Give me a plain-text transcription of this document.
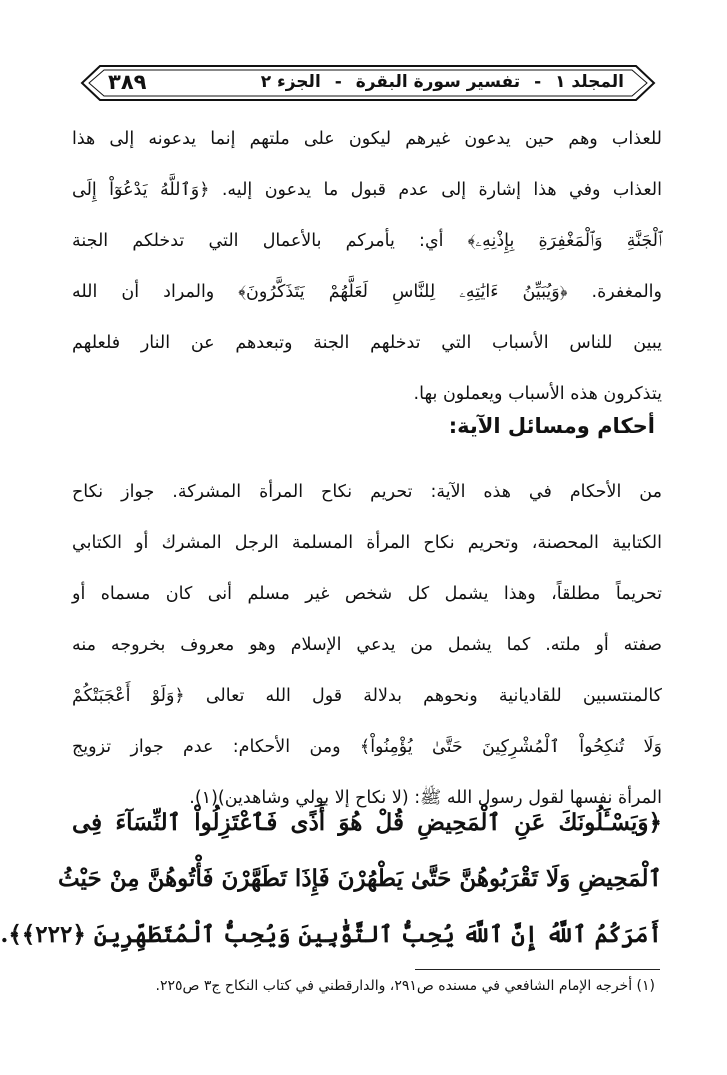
المجلد ١ - تفسير سورة البقرة - الجزء ٢
٣٨٩
للعذاب وهم حين يدعون غيرهم ليكون على ملتهم إنما يدعونه إلى هذا
العذاب وفي هذا إشارة إلى عدم قبول ما يدعون إليه. ﴿وَٱللَّهُ يَدْعُوٓاْ إِلَى
ٱلْجَنَّةِ وَٱلْمَغْفِرَةِ بِإِذْنِهِۦ﴾ أي: يأمركم بالأعمال التي تدخلكم الجنة
والمغفرة. ﴿وَيُبَيِّنُ ءَايَٰتِهِۦ لِلنَّاسِ لَعَلَّهُمْ يَتَذَكَّرُونَ﴾ والمراد أن الله
يبين للناس الأسباب التي تدخلهم الجنة وتبعدهم عن النار فلعلهم
يتذكرون هذه الأسباب ويعملون بها.
أحكام ومسائل الآية:
من الأحكام في هذه الآية: تحريم نكاح المرأة المشركة. جواز نكاح
الكتابية المحصنة، وتحريم نكاح المرأة المسلمة الرجل المشرك أو الكتابي
تحريماً مطلقاً، وهذا يشمل كل شخص غير مسلم أنى كان مسماه أو
صفته أو ملته. كما يشمل من يدعي الإسلام وهو معروف بخروجه منه
كالمنتسبين للقاديانية ونحوهم بدلالة قول الله تعالى ﴿وَلَوْ أَعْجَبَتْكُمْ
وَلَا تُنكِحُواْ ٱلْمُشْرِكِينَ حَتَّىٰ يُؤْمِنُواْ﴾ ومن الأحكام: عدم جواز تزويج
المرأة نفسها لقول رسول الله ﷺ: (لا نكاح إلا بولي وشاهدين)(١).
﴿وَيَسْـَٔلُونَكَ عَنِ ٱلْمَحِيضِ قُلْ هُوَ أَذًى فَٱعْتَزِلُواْ ٱلنِّسَآءَ فِى
ٱلْمَحِيضِ وَلَا تَقْرَبُوهُنَّ حَتَّىٰ يَطْهُرْنَ فَإِذَا تَطَهَّرْنَ فَأْتُوهُنَّ مِنْ حَيْثُ
أَمَرَكُمُ ٱللَّهُ إِنَّ ٱللَّهَ يُحِبُّ ٱلتَّوَّٰبِينَ وَيُحِبُّ ٱلْمُتَطَهِّرِينَ ﴿٢٢٢﴾﴾.
(١) أخرجه الإمام الشافعي في مسنده ص٢٩١، والدارقطني في كتاب النكاح ج٣ ص٢٢٥.
